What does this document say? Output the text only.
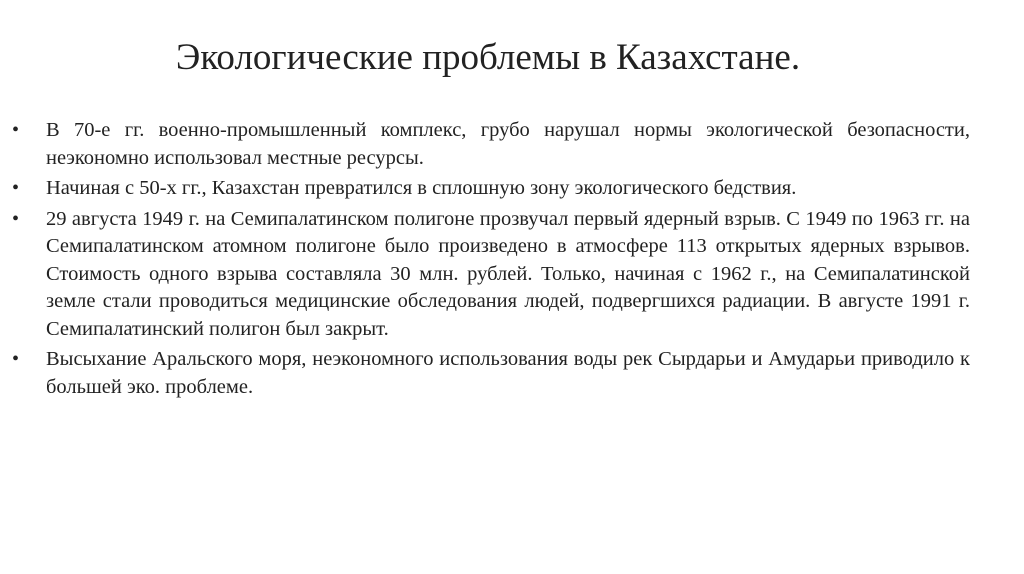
Экологические проблемы в Казахстане.
•	В 70-е гг. военно-промышленный комплекс, грубо нарушал нормы экологической безопасности, неэкономно использовал местные ресурсы.
•	Начиная с 50-х гг., Казахстан превратился в сплошную зону экологического бедствия.
•	29 августа 1949 г. на Семипалатинском полигоне прозвучал первый ядерный взрыв. С 1949 по 1963 гг. на Семипалатинском атомном полигоне было произведено в атмосфере 113 открытых ядерных взрывов. Стоимость одного взрыва составляла 30 млн. рублей. Только, начиная с 1962 г., на Семипалатинской земле стали проводиться медицинские обследования людей, подвергшихся радиации. В августе 1991 г. Семипалатинский полигон был закрыт.
•	Высыхание Аральского моря, неэкономного использования воды рек Сырдарьи и Амударьи приводило к большей эко. проблеме.
